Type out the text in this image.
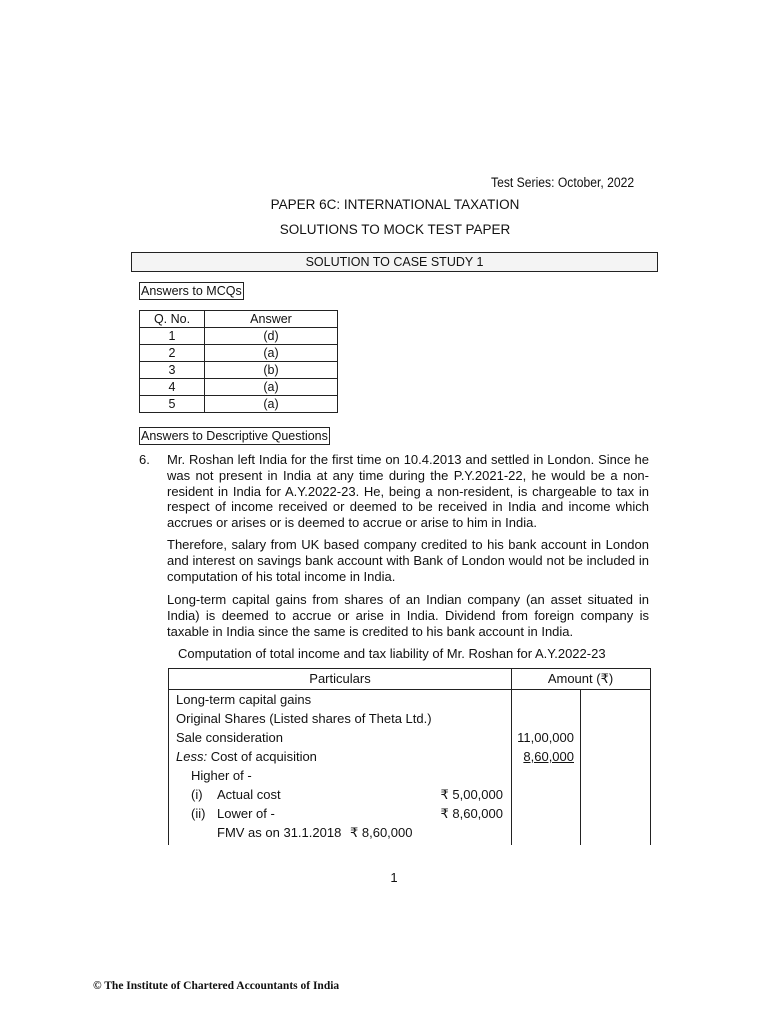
Test Series: October, 2022
PAPER 6C: INTERNATIONAL TAXATION
SOLUTIONS TO MOCK TEST PAPER
SOLUTION TO CASE STUDY 1
Answers to MCQs
Q. No.	Answer
1	(d)
2	(a)
3	(b)
4	(a)
5	(a)
Answers to Descriptive Questions
6. Mr. Roshan left India for the first time on 10.4.2013 and settled in London. Since he was not present in India at any time during the P.Y.2021-22, he would be a non-resident in India for A.Y.2022-23. He, being a non-resident, is chargeable to tax in respect of income received or deemed to be received in India and income which accrues or arises or is deemed to accrue or arise to him in India.
Therefore, salary from UK based company credited to his bank account in London and interest on savings bank account with Bank of London would not be included in computation of his total income in India.
Long-term capital gains from shares of an Indian company (an asset situated in India) is deemed to accrue or arise in India. Dividend from foreign company is taxable in India since the same is credited to his bank account in India.
Computation of total income and tax liability of Mr. Roshan for A.Y.2022-23
Particulars	Amount (₹)
Long-term capital gains
Original Shares (Listed shares of Theta Ltd.)
Sale consideration	11,00,000
Less: Cost of acquisition	8,60,000
Higher of -
(i) Actual cost	₹ 5,00,000
(ii) Lower of -	₹ 8,60,000
FMV as on 31.1.2018 ₹ 8,60,000
1
© The Institute of Chartered Accountants of India
